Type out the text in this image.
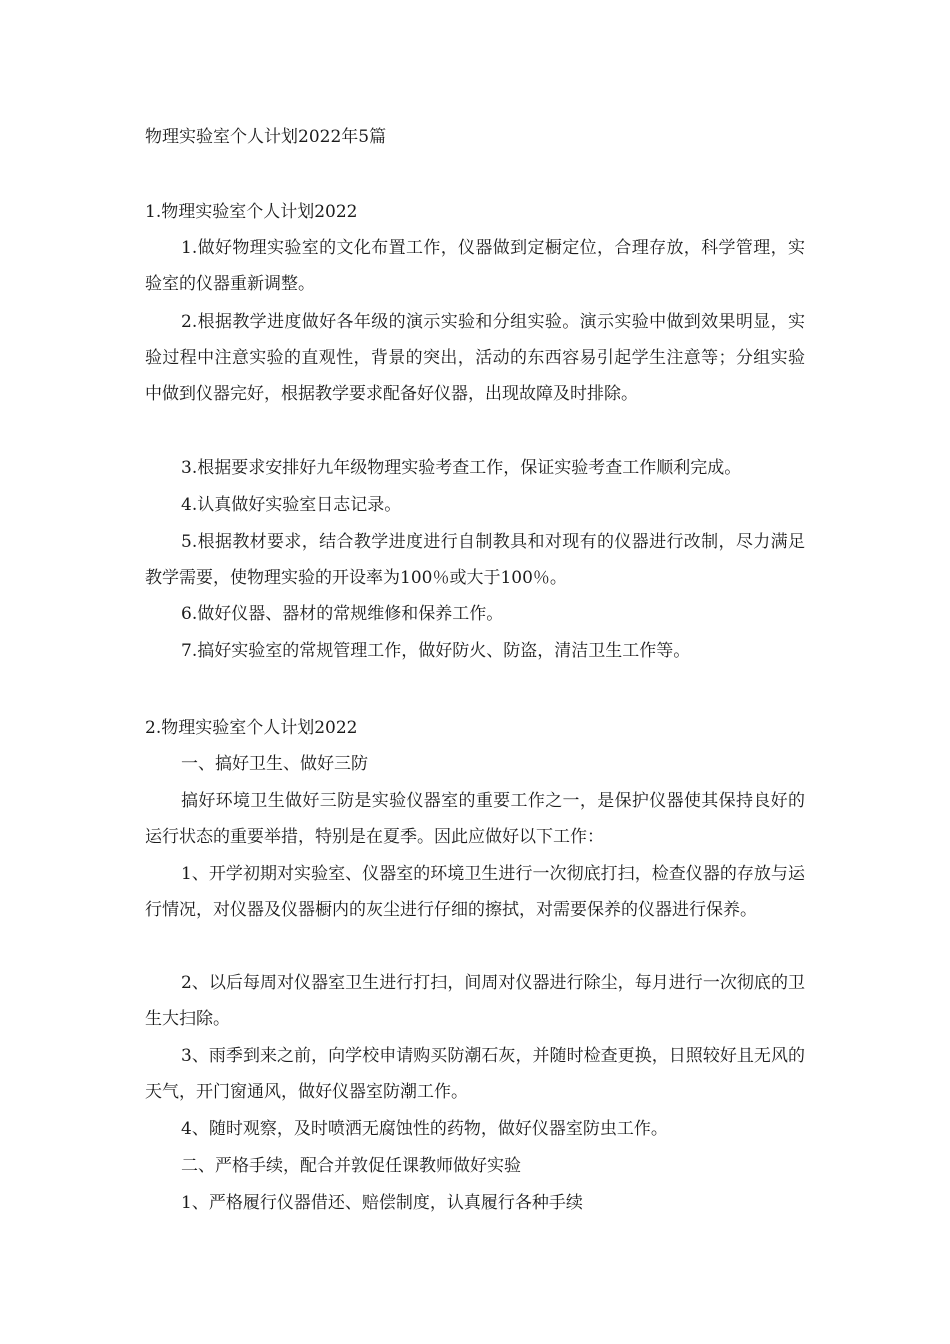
物理实验室个人计划2022年5篇
1.物理实验室个人计划2022

1.做好物理实验室的文化布置工作，仪器做到定橱定位，合理存放，科学管理，实验室的仪器重新调整。

2.根据教学进度做好各年级的演示实验和分组实验。演示实验中做到效果明显，实验过程中注意实验的直观性，背景的突出，活动的东西容易引起学生注意等；分组实验中做到仪器完好，根据教学要求配备好仪器，出现故障及时排除。

3.根据要求安排好九年级物理实验考查工作，保证实验考查工作顺利完成。

4.认真做好实验室日志记录。

5.根据教材要求，结合教学进度进行自制教具和对现有的仪器进行改制，尽力满足教学需要，使物理实验的开设率为100％或大于100％。

6.做好仪器、器材的常规维修和保养工作。

7.搞好实验室的常规管理工作，做好防火、防盗，清洁卫生工作等。

2.物理实验室个人计划2022

一、搞好卫生、做好三防

搞好环境卫生做好三防是实验仪器室的重要工作之一，是保护仪器使其保持良好的运行状态的重要举措，特别是在夏季。因此应做好以下工作：

1、开学初期对实验室、仪器室的环境卫生进行一次彻底打扫，检查仪器的存放与运行情况，对仪器及仪器橱内的灰尘进行仔细的擦拭，对需要保养的仪器进行保养。

2、以后每周对仪器室卫生进行打扫，间周对仪器进行除尘，每月进行一次彻底的卫生大扫除。

3、雨季到来之前，向学校申请购买防潮石灰，并随时检查更换，日照较好且无风的天气，开门窗通风，做好仪器室防潮工作。

4、随时观察，及时喷洒无腐蚀性的药物，做好仪器室防虫工作。

二、严格手续，配合并敦促任课教师做好实验

1、严格履行仪器借还、赔偿制度，认真履行各种手续
